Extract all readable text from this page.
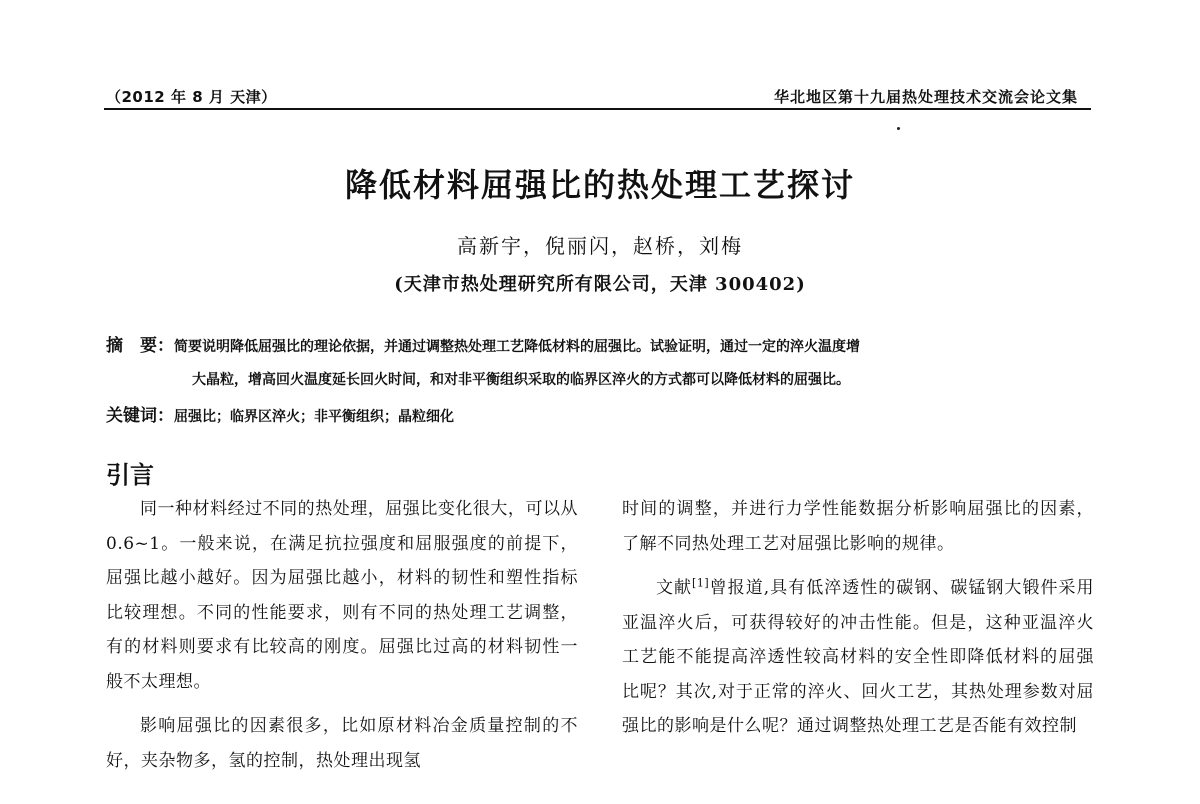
（2012 年 8 月 天津）	华北地区第十九届热处理技术交流会论文集
降低材料屈强比的热处理工艺探讨
高新宇，倪丽闪，赵桥，刘梅
(天津市热处理研究所有限公司，天津 300402)
摘　要：简要说明降低屈强比的理论依据，并通过调整热处理工艺降低材料的屈强比。试验证明，通过一定的淬火温度增
大晶粒，增高回火温度延长回火时间，和对非平衡组织采取的临界区淬火的方式都可以降低材料的屈强比。
关键词：屈强比；临界区淬火；非平衡组织；晶粒细化
引言

同一种材料经过不同的热处理，屈强比变化很大，可以从 0.6~1。一般来说，在满足抗拉强度和屈服强度的前提下，屈强比越小越好。因为屈强比越小，材料的韧性和塑性指标比较理想。不同的性能要求，则有不同的热处理工艺调整，有的材料则要求有比较高的刚度。屈强比过高的材料韧性一般不太理想。

影响屈强比的因素很多，比如原材料冶金质量控制的不好，夹杂物多，氢的控制，热处理出现氢

时间的调整，并进行力学性能数据分析影响屈强比的因素，了解不同热处理工艺对屈强比影响的规律。

文献[1]曾报道,具有低淬透性的碳钢、碳锰钢大锻件采用亚温淬火后，可获得较好的冲击性能。但是，这种亚温淬火工艺能不能提高淬透性较高材料的安全性即降低材料的屈强比呢？其次,对于正常的淬火、回火工艺，其热处理参数对屈强比的影响是什么呢？通过调整热处理工艺是否能有效控制
